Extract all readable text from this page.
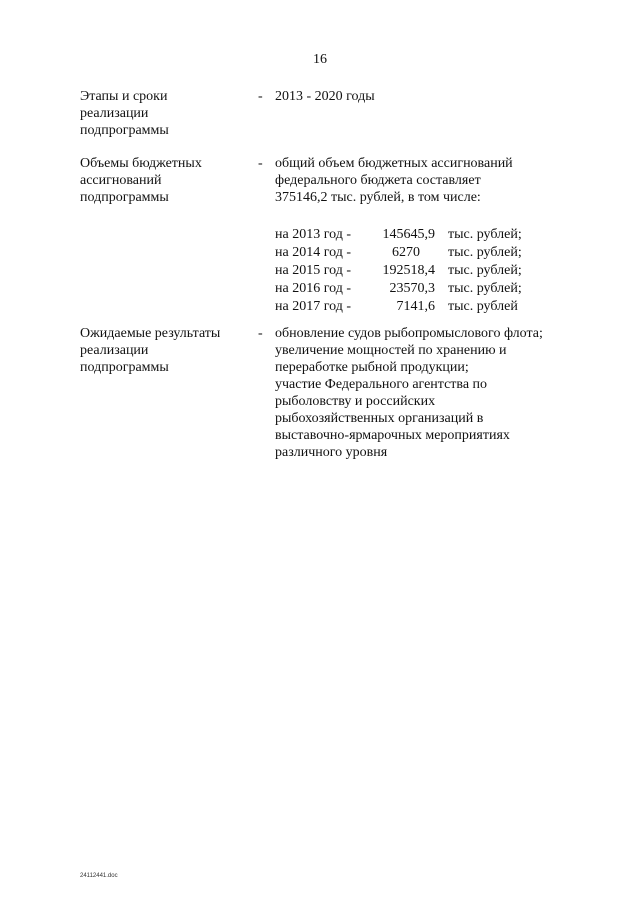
16
Этапы и сроки
реализации
подпрограммы
- 2013 - 2020 годы
Объемы бюджетных
ассигнований
подпрограммы
- общий объем бюджетных ассигнований
федерального бюджета составляет
375146,2 тыс. рублей, в том числе:
на 2013 год -	145645,9 тыс. рублей;
на 2014 год -	6270 тыс. рублей;
на 2015 год -	192518,4 тыс. рублей;
на 2016 год -	23570,3 тыс. рублей;
на 2017 год -	7141,6 тыс. рублей
Ожидаемые результаты
реализации
подпрограммы
- обновление судов рыбопромыслового флота;
увеличение мощностей по хранению и
переработке рыбной продукции;
участие Федерального агентства по
рыболовству и российских
рыбохозяйственных организаций в
выставочно-ярмарочных мероприятиях
различного уровня
24112441.doc
